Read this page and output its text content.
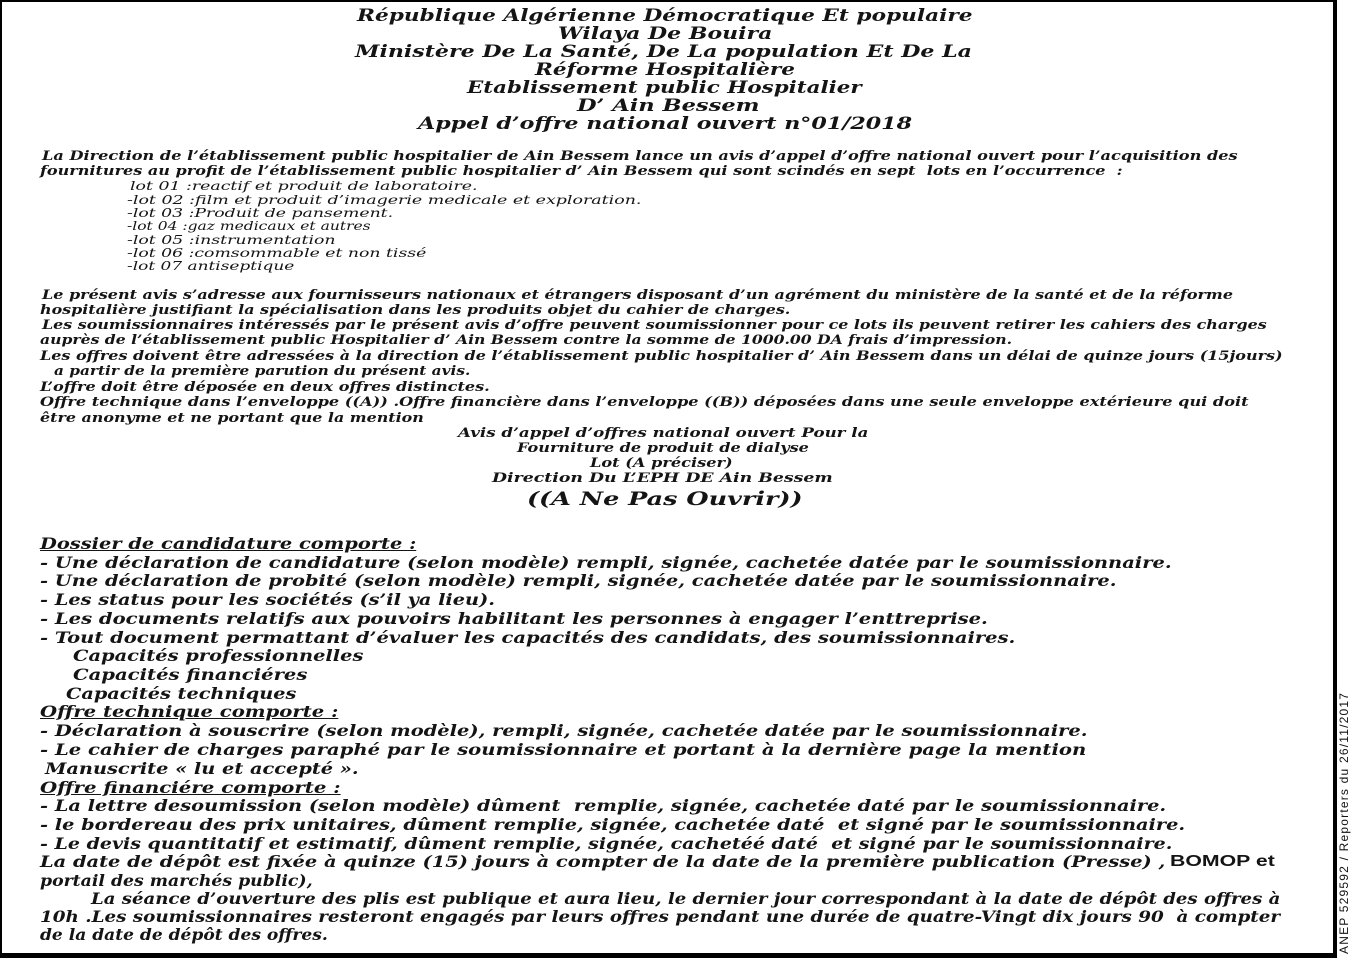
République Algérienne Démocratique Et populaire
Wilaya De Bouira
Ministère De La Santé, De La population Et De La
Réforme Hospitalière
Etablissement public Hospitalier
D’ Ain Bessem
Appel d’offre national ouvert n°01/2018
La Direction de l’établissement public hospitalier de Ain Bessem lance un avis d’appel d’offre national ouvert pour l’acquisition des
fournitures au profit de l’établissement public hospitalier d’ Ain Bessem qui sont scindés en sept  lots en l’occurrence  :
lot 01 :reactif et produit de laboratoire.
-lot 02 :film et produit d’imagerie medicale et exploration.
-lot 03 :Produit de pansement.
-lot 04 :gaz medicaux et autres
-lot 05 :instrumentation
-lot 06 :comsommable et non tissé
-lot 07 antiseptique
Le présent avis s’adresse aux fournisseurs nationaux et étrangers disposant d’un agrément du ministère de la santé et de la réforme
hospitalière justifiant la spécialisation dans les produits objet du cahier de charges.
Les soumissionnaires intéressés par le présent avis d’offre peuvent soumissionner pour ce lots ils peuvent retirer les cahiers des charges
auprès de l’établissement public Hospitalier d’ Ain Bessem contre la somme de 1000.00 DA frais d’impression.
Les offres doivent être adressées à la direction de l’établissement public hospitalier d’ Ain Bessem dans un délai de quinze jours (15jours)
a partir de la première parution du présent avis.
L’offre doit être déposée en deux offres distinctes.
Offre technique dans l’enveloppe ((A)) .Offre financière dans l’enveloppe ((B)) déposées dans une seule enveloppe extérieure qui doit
être anonyme et ne portant que la mention
Avis d’appel d’offres national ouvert Pour la
Fourniture de produit de dialyse
Lot (A préciser)
Direction Du L’EPH DE Ain Bessem
((A Ne Pas Ouvrir))
Dossier de candidature comporte :
- Une déclaration de candidature (selon modèle) rempli, signée, cachetée datée par le soumissionnaire.
- Une déclaration de probité (selon modèle) rempli, signée, cachetée datée par le soumissionnaire.
- Les status pour les sociétés (s’il ya lieu).
- Les documents relatifs aux pouvoirs habilitant les personnes à engager l’enttreprise.
- Tout document permattant d’évaluer les capacités des candidats, des soumissionnaires.
Capacités professionnelles
Capacités financiéres
Capacités techniques
Offre technique comporte :
- Déclaration à souscrire (selon modèle), rempli, signée, cachetée datée par le soumissionnaire.
- Le cahier de charges paraphé par le soumissionnaire et portant à la dernière page la mention
Manuscrite « lu et accepté ».
Offre financiére comporte :
- La lettre desoumission (selon modèle) dûment  remplie, signée, cachetée daté par le soumissionnaire.
- le bordereau des prix unitaires, dûment remplie, signée, cachetée daté  et signé par le soumissionnaire.
- Le devis quantitatif et estimatif, dûment remplie, signée, cachetéé daté  et signé par le soumissionnaire.
La date de dépôt est fixée à quinze (15) jours à compter de la date de la première publication (Presse) , BOMOP et
portail des marchés public),
La séance d’ouverture des plis est publique et aura lieu, le dernier jour correspondant à la date de dépôt des offres à
10h .Les soumissionnaires resteront engagés par leurs offres pendant une durée de quatre-Vingt dix jours 90  à compter
de la date de dépôt des offres.	ANEP 529592 / Reporters du 26/11/2017
